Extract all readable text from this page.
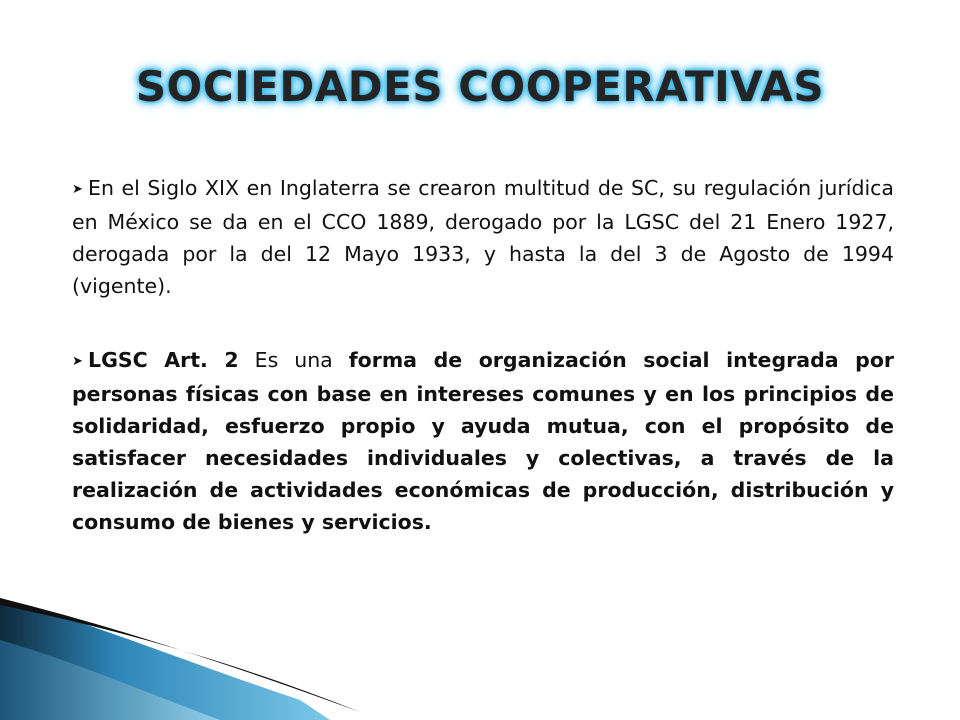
SOCIEDADES COOPERATIVAS

➤ En el Siglo XIX en Inglaterra se crearon multitud de SC, su regulación jurídica en México se da en el CCO 1889, derogado por la LGSC del 21 Enero 1927, derogada por la del 12 Mayo 1933, y hasta la del 3 de Agosto de 1994 (vigente).

➤ LGSC Art. 2 Es una forma de organización social integrada por personas físicas con base en intereses comunes y en los principios de solidaridad, esfuerzo propio y ayuda mutua, con el propósito de satisfacer necesidades individuales y colectivas, a través de la realización de actividades económicas de producción, distribución y consumo de bienes y servicios.
